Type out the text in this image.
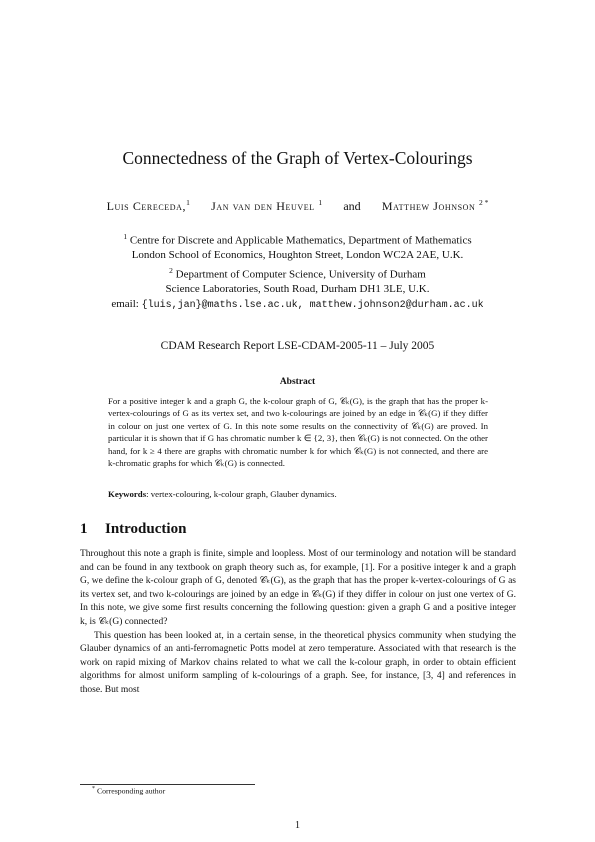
Connectedness of the Graph of Vertex-Colourings
Luis Cereceda,$^1$ Jan van den Heuvel $^1$ and Matthew Johnson $^{2 *}$
$^1$ Centre for Discrete and Applicable Mathematics, Department of Mathematics
London School of Economics, Houghton Street, London WC2A 2AE, U.K.
$^2$ Department of Computer Science, University of Durham
Science Laboratories, South Road, Durham DH1 3LE, U.K.
email: {luis,jan}@maths.lse.ac.uk, matthew.johnson2@durham.ac.uk
CDAM Research Report LSE-CDAM-2005-11 – July 2005
Abstract
For a positive integer k and a graph G, the k-colour graph of G, 𝒞ₖ(G), is the graph that has the proper k-vertex-colourings of G as its vertex set, and two k-colourings are joined by an edge in 𝒞ₖ(G) if they differ in colour on just one vertex of G. In this note some results on the connectivity of 𝒞ₖ(G) are proved. In particular it is shown that if G has chromatic number k ∈ {2, 3}, then 𝒞ₖ(G) is not connected. On the other hand, for k ≥ 4 there are graphs with chromatic number k for which 𝒞ₖ(G) is not connected, and there are k-chromatic graphs for which 𝒞ₖ(G) is connected.
Keywords: vertex-colouring, k-colour graph, Glauber dynamics.
1 Introduction

Throughout this note a graph is finite, simple and loopless. Most of our terminology and notation will be standard and can be found in any textbook on graph theory such as, for example, [1]. For a positive integer k and a graph G, we define the k-colour graph of G, denoted 𝒞ₖ(G), as the graph that has the proper k-vertex-colourings of G as its vertex set, and two k-colourings are joined by an edge in 𝒞ₖ(G) if they differ in colour on just one vertex of G. In this note, we give some first results concerning the following question: given a graph G and a positive integer k, is 𝒞ₖ(G) connected?

This question has been looked at, in a certain sense, in the theoretical physics community when studying the Glauber dynamics of an anti-ferromagnetic Potts model at zero temperature. Associated with that research is the work on rapid mixing of Markov chains related to what we call the k-colour graph, in order to obtain efficient algorithms for almost uniform sampling of k-colourings of a graph. See, for instance, [3, 4] and references in those. But most

* Corresponding author
1
